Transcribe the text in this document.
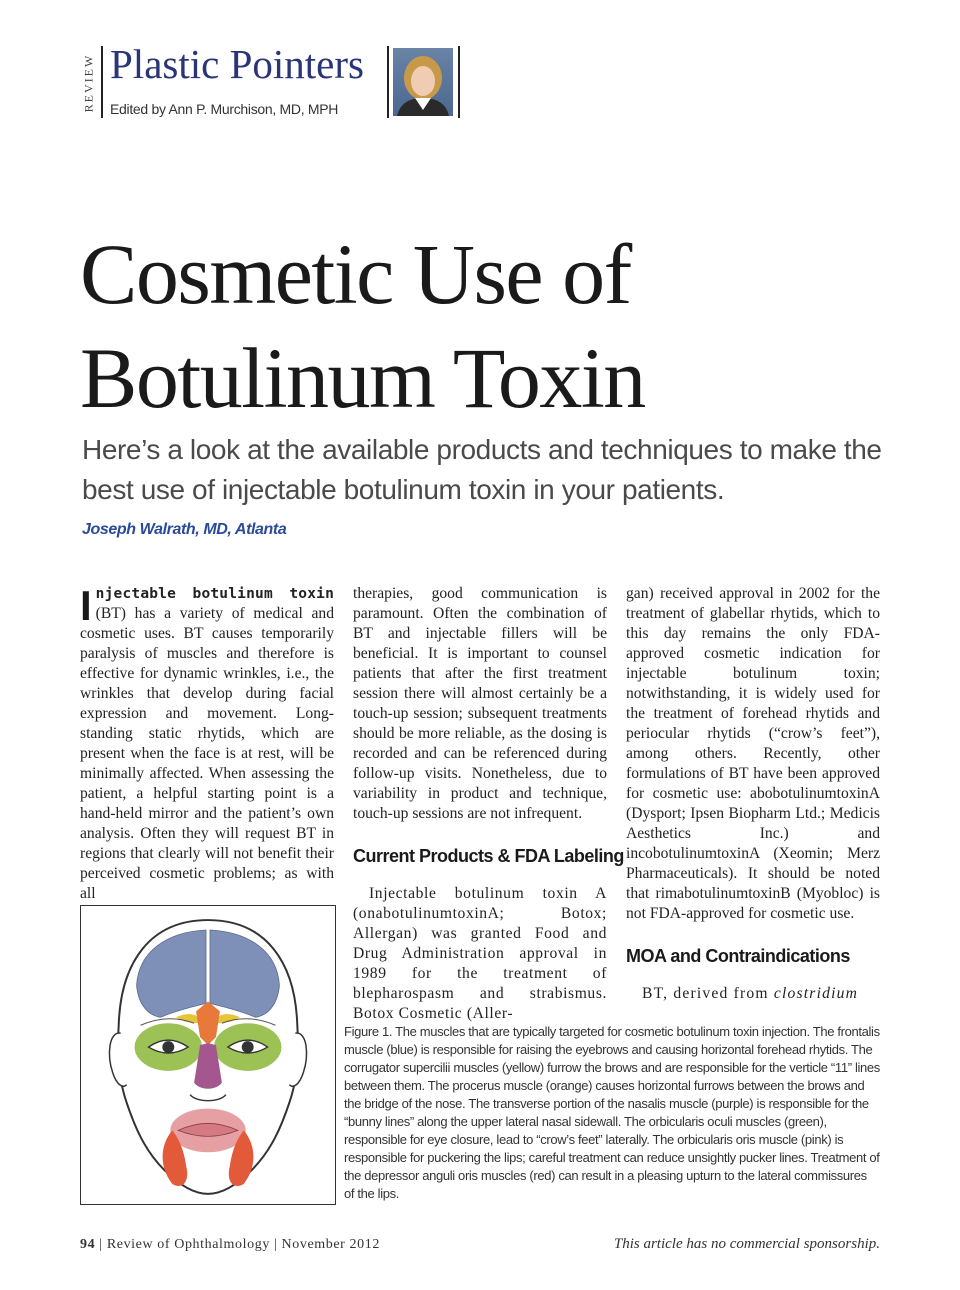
REVIEW Plastic Pointers
Edited by Ann P. Murchison, MD, MPH
Cosmetic Use of
Botulinum Toxin
Here’s a look at the available products and techniques to make the best use of injectable botulinum toxin in your patients.
Joseph Walrath, MD, Atlanta

Injectable botulinum toxin (BT) has a variety of medical and cosmetic uses. BT causes temporarily paralysis of muscles and therefore is effective for dynamic wrinkles, i.e., the wrinkles that develop during facial expression and movement. Long-standing static rhytids, which are present when the face is at rest, will be minimally affected. When assessing the patient, a helpful starting point is a hand-held mirror and the patient’s own analysis. Often they will request BT in regions that clearly will not benefit their perceived cosmetic problems; as with all

therapies, good communication is paramount. Often the combination of BT and injectable fillers will be beneficial. It is important to counsel patients that after the first treatment session there will almost certainly be a touch-up session; subsequent treatments should be more reliable, as the dosing is recorded and can be referenced during follow-up visits. Nonetheless, due to variability in product and technique, touch-up sessions are not infrequent.

Current Products & FDA Labeling

Injectable botulinum toxin A (onabotulinumtoxinA; Botox; Allergan) was granted Food and Drug Administration approval in 1989 for the treatment of blepharospasm and strabismus. Botox Cosmetic (Aller-

gan) received approval in 2002 for the treatment of glabellar rhytids, which to this day remains the only FDA-approved cosmetic indication for injectable botulinum toxin; notwithstanding, it is widely used for the treatment of forehead rhytids and periocular rhytids (“crow’s feet”), among others. Recently, other formulations of BT have been approved for cosmetic use: abobotulinumtoxinA (Dysport; Ipsen Biopharm Ltd.; Medicis Aesthetics Inc.) and incobotulinumtoxinA (Xeomin; Merz Pharmaceuticals). It should be noted that rimabotulinumtoxinB (Myobloc) is not FDA-approved for cosmetic use.

MOA and Contraindications

BT, derived from clostridium

Figure 1. The muscles that are typically targeted for cosmetic botulinum toxin injection. The frontalis muscle (blue) is responsible for raising the eyebrows and causing horizontal forehead rhytids. The corrugator supercilii muscles (yellow) furrow the brows and are responsible for the verticle “11” lines between them. The procerus muscle (orange) causes horizontal furrows between the brows and the bridge of the nose. The transverse portion of the nasalis muscle (purple) is responsible for the “bunny lines” along the upper lateral nasal sidewall. The orbicularis oculi muscles (green), responsible for eye closure, lead to “crow’s feet” laterally. The orbicularis oris muscle (pink) is responsible for puckering the lips; careful treatment can reduce unsightly pucker lines. Treatment of the depressor anguli oris muscles (red) can result in a pleasing upturn to the lateral commissures of the lips.
94 | Review of Ophthalmology | November 2012	This article has no commercial sponsorship.
